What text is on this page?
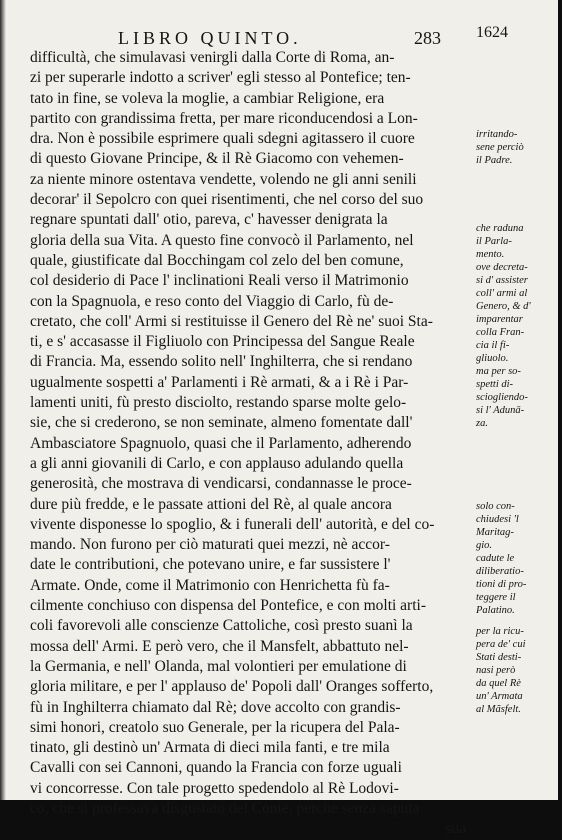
LIBRO QUINTO.	283 1624
difficultà, che simulavasi venirgli dalla Corte di Roma, an-
zi per superarle indotto a scriver' egli stesso al Pontefice; ten-
tato in fine, se voleva la moglie, a cambiar Religione, era
partito con grandissima fretta, per mare riconducendosi a Lon-
dra. Non è possibile esprimere quali sdegni agitassero il cuore
di questo Giovane Principe, & il Rè Giacomo con vehemen-
za niente minore ostentava vendette, volendo ne gli anni senili
decorar' il Sepolcro con quei risentimenti, che nel corso del suo
regnare spuntati dall' otio, pareva, c' havesser denigrata la
gloria della sua Vita. A questo fine convocò il Parlamento, nel
quale, giustificate dal Bocchingam col zelo del ben comune,
col desiderio di Pace l' inclinationi Reali verso il Matrimonio
con la Spagnuola, e reso conto del Viaggio di Carlo, fù de-
cretato, che coll' Armi si restituisse il Genero del Rè ne' suoi Sta-
ti, e s' accasasse il Figliuolo con Principessa del Sangue Reale
di Francia. Ma, essendo solito nell' Inghilterra, che si rendano
ugualmente sospetti a' Parlamenti i Rè armati, & a i Rè i Par-
lamenti uniti, fù presto disciolto, restando sparse molte gelo-
sie, che si crederono, se non seminate, almeno fomentate dall'
Ambasciatore Spagnuolo, quasi che il Parlamento, adherendo
a gli anni giovanili di Carlo, e con applauso adulando quella
generosità, che mostrava di vendicarsi, condannasse le proce-
dure più fredde, e le passate attioni del Rè, al quale ancora
vivente disponesse lo spoglio, & i funerali dell' autorità, e del co-
mando. Non furono per ciò maturati quei mezzi, nè accor-
date le contributioni, che potevano unire, e far sussistere l'
Armate. Onde, come il Matrimonio con Henrichetta fù fa-
cilmente conchiuso con dispensa del Pontefice, e con molti arti-
coli favorevoli alle conscienze Cattoliche, così presto suanì la
mossa dell' Armi. E però vero, che il Mansfelt, abbattuto nel-
la Germania, e nell' Olanda, mal volontieri per emulatione di
gloria militare, e per l' applauso de' Popoli dall' Oranges sofferto,
fù in Inghilterra chiamato dal Rè; dove accolto con grandis-
simi honori, creatolo suo Generale, per la ricupera del Pala-
tinato, gli destinò un' Armata di dieci mila fanti, e tre mila
Cavalli con sei Cannoni, quando la Francia con forze uguali
vi concorresse. Con tale progetto spedendolo al Rè Lodovi-
co, che si professava disgustato del Conte, perche senza saputa
sua
irritando-
sene perciò
il Padre.
che raduna
il Parla-
mento.
ove decreta-
si d' assister
coll' armi al
Genero, & d'
imparentar
colla Fran-
cia il fi-
gliuolo.
ma per so-
spetti di-
sciogliendo-
si l' Adunā-
za.
solo con-
chiudesi 'l
Maritag-
gio.
cadute le
diliberatio-
tioni di pro-
teggere il
Palatino.
per la ricu-
pera de' cui
Stati desti-
nasi però
da quel Rè
un' Armata
al Mãsfelt.
